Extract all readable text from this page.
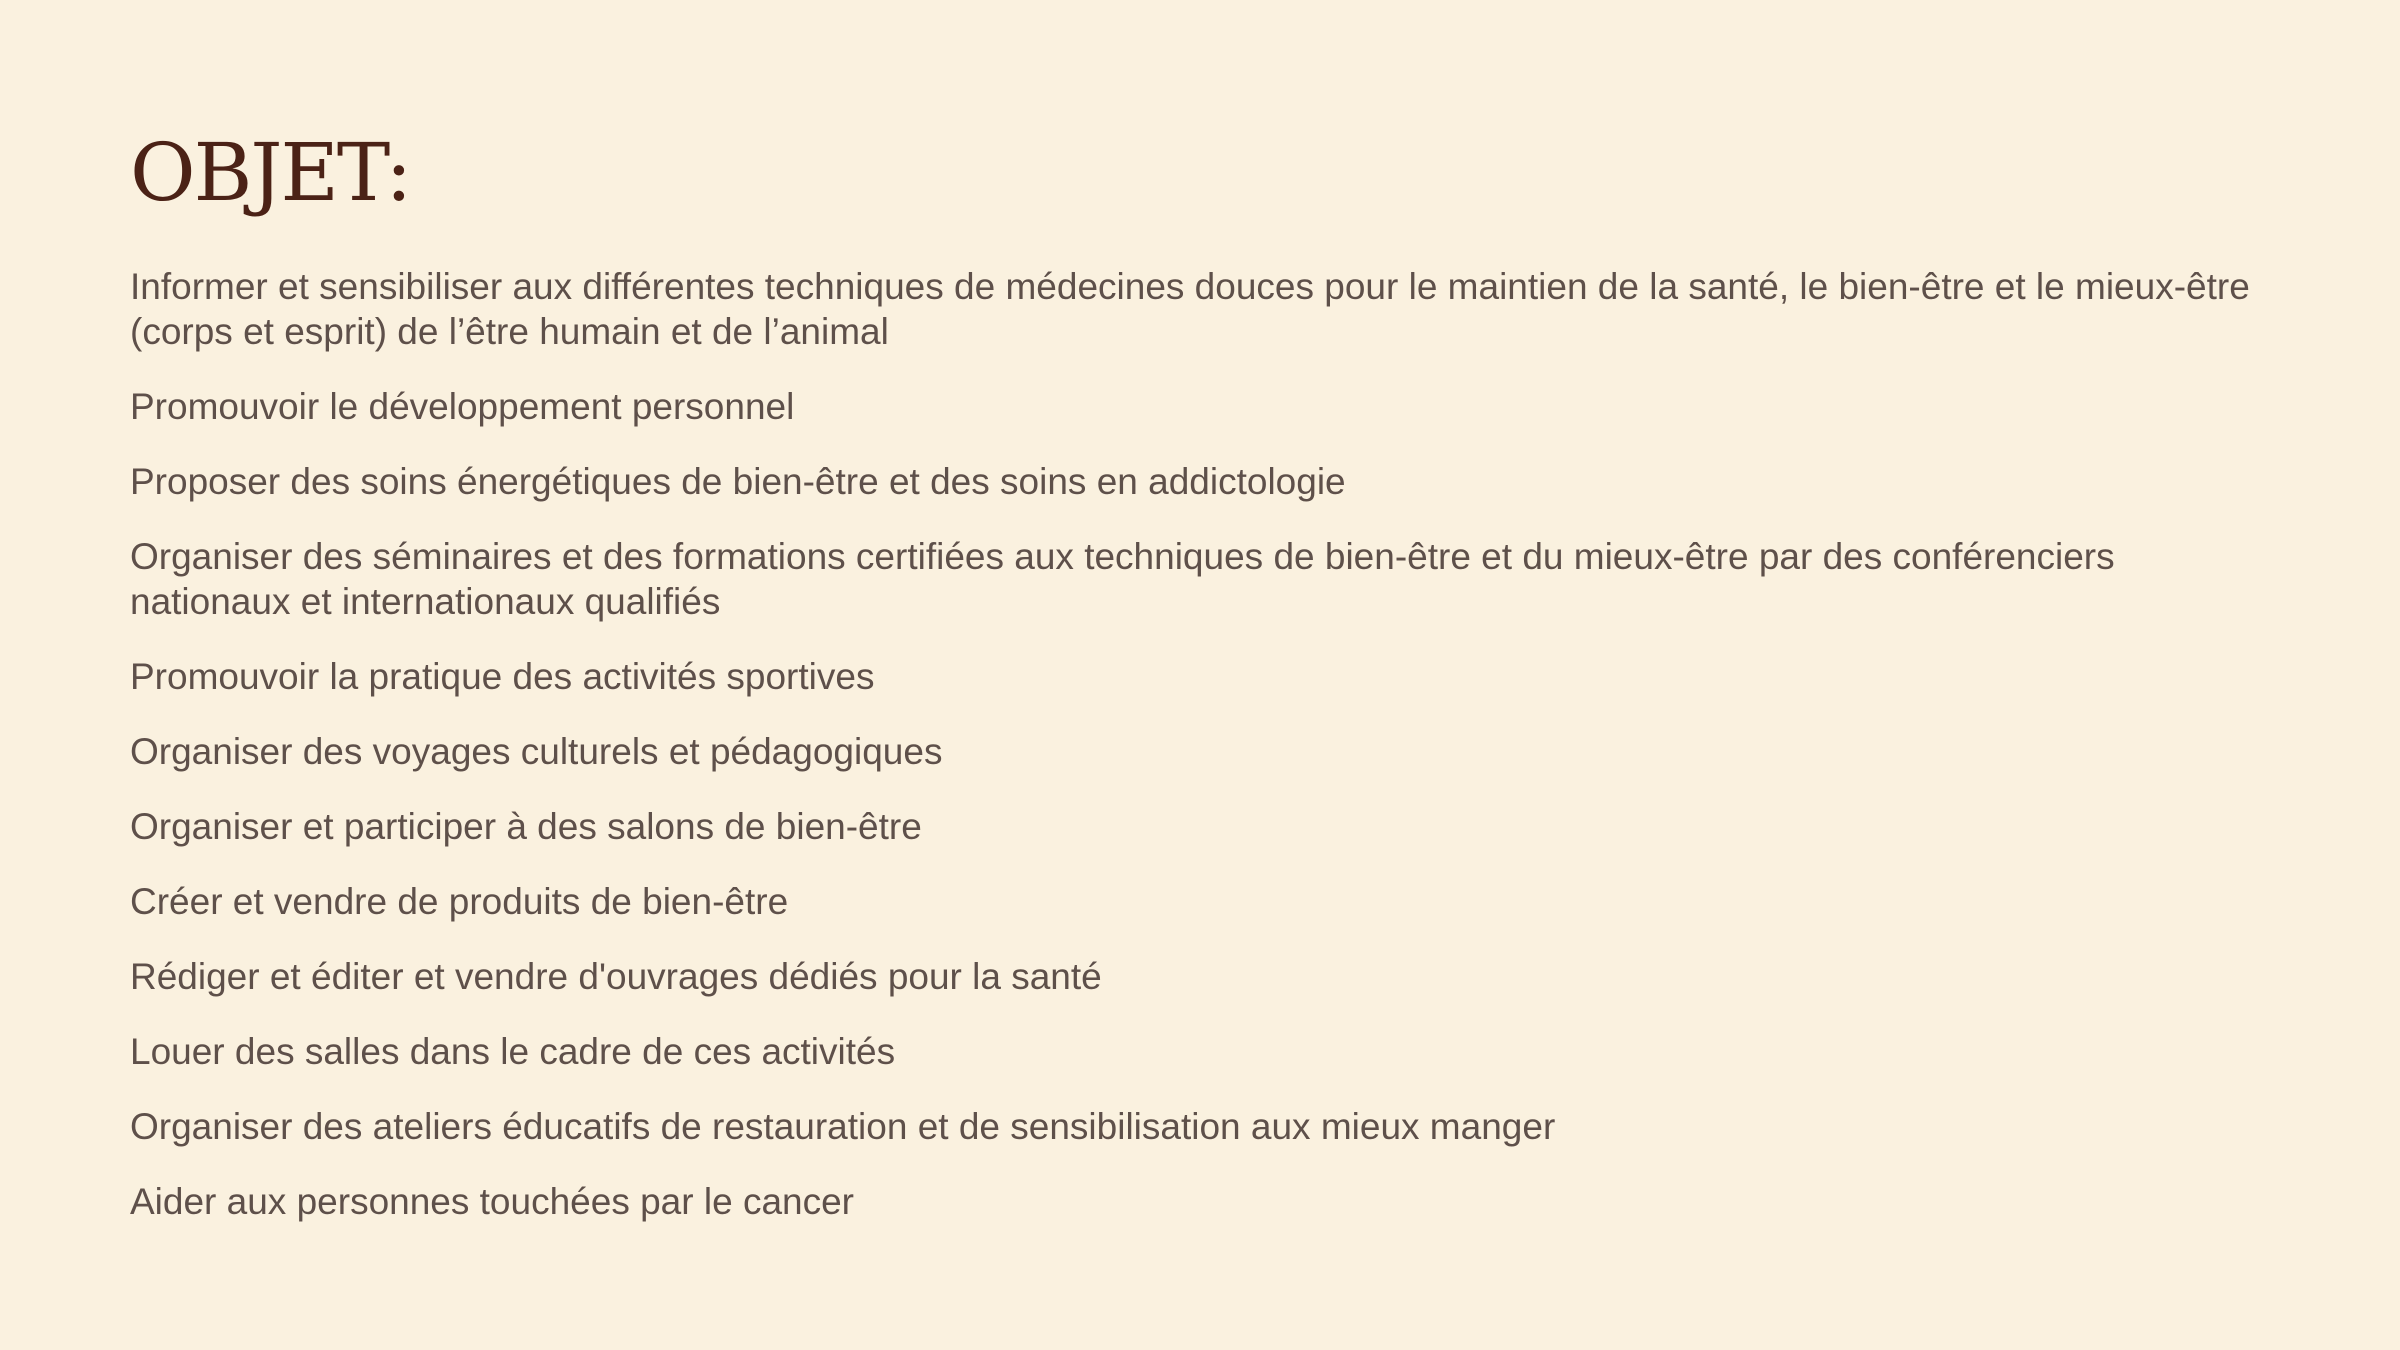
OBJET:
Informer et sensibiliser aux différentes techniques de médecines douces pour le maintien de la santé, le bien-être et le mieux-être (corps et esprit) de l’être humain et de l’animal
Promouvoir le développement personnel
Proposer des soins énergétiques de bien-être et des soins en addictologie
Organiser des séminaires et des formations certifiées aux techniques de bien-être et du mieux-être par des conférenciers nationaux et internationaux qualifiés
Promouvoir la pratique des activités sportives
Organiser des voyages culturels et pédagogiques
Organiser et participer à des salons de bien-être
Créer et vendre de produits de bien-être
Rédiger et éditer et vendre d'ouvrages dédiés pour la santé
Louer des salles dans le cadre de ces activités
Organiser des ateliers éducatifs de restauration et de sensibilisation aux mieux manger
Aider aux personnes touchées par le cancer
